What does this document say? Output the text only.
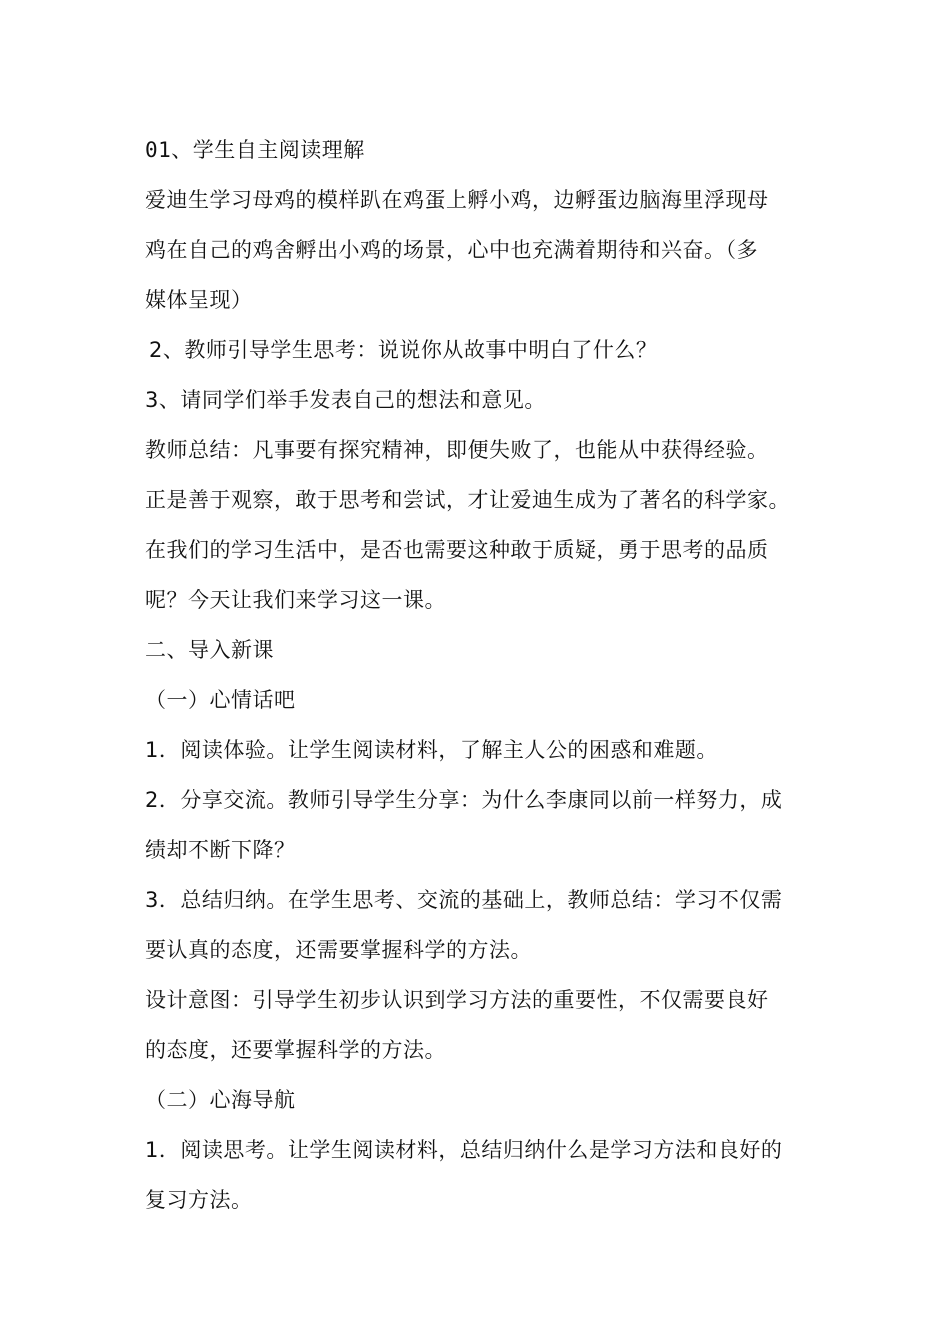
01、学生自主阅读理解
爱迪生学习母鸡的模样趴在鸡蛋上孵小鸡，边孵蛋边脑海里浮现母
鸡在自己的鸡舍孵出小鸡的场景，心中也充满着期待和兴奋。（多
媒体呈现）
2、教师引导学生思考：说说你从故事中明白了什么？
3、请同学们举手发表自己的想法和意见。
教师总结：凡事要有探究精神，即便失败了，也能从中获得经验。
正是善于观察，敢于思考和尝试，才让爱迪生成为了著名的科学家。
在我们的学习生活中，是否也需要这种敢于质疑，勇于思考的品质
呢？今天让我们来学习这一课。
二、导入新课
（一）心情话吧
1．阅读体验。让学生阅读材料，了解主人公的困惑和难题。
2．分享交流。教师引导学生分享：为什么李康同以前一样努力，成
绩却不断下降？
3．总结归纳。在学生思考、交流的基础上，教师总结：学习不仅需
要认真的态度，还需要掌握科学的方法。
设计意图：引导学生初步认识到学习方法的重要性，不仅需要良好
的态度，还要掌握科学的方法。
（二）心海导航
1．阅读思考。让学生阅读材料，总结归纳什么是学习方法和良好的
复习方法。
